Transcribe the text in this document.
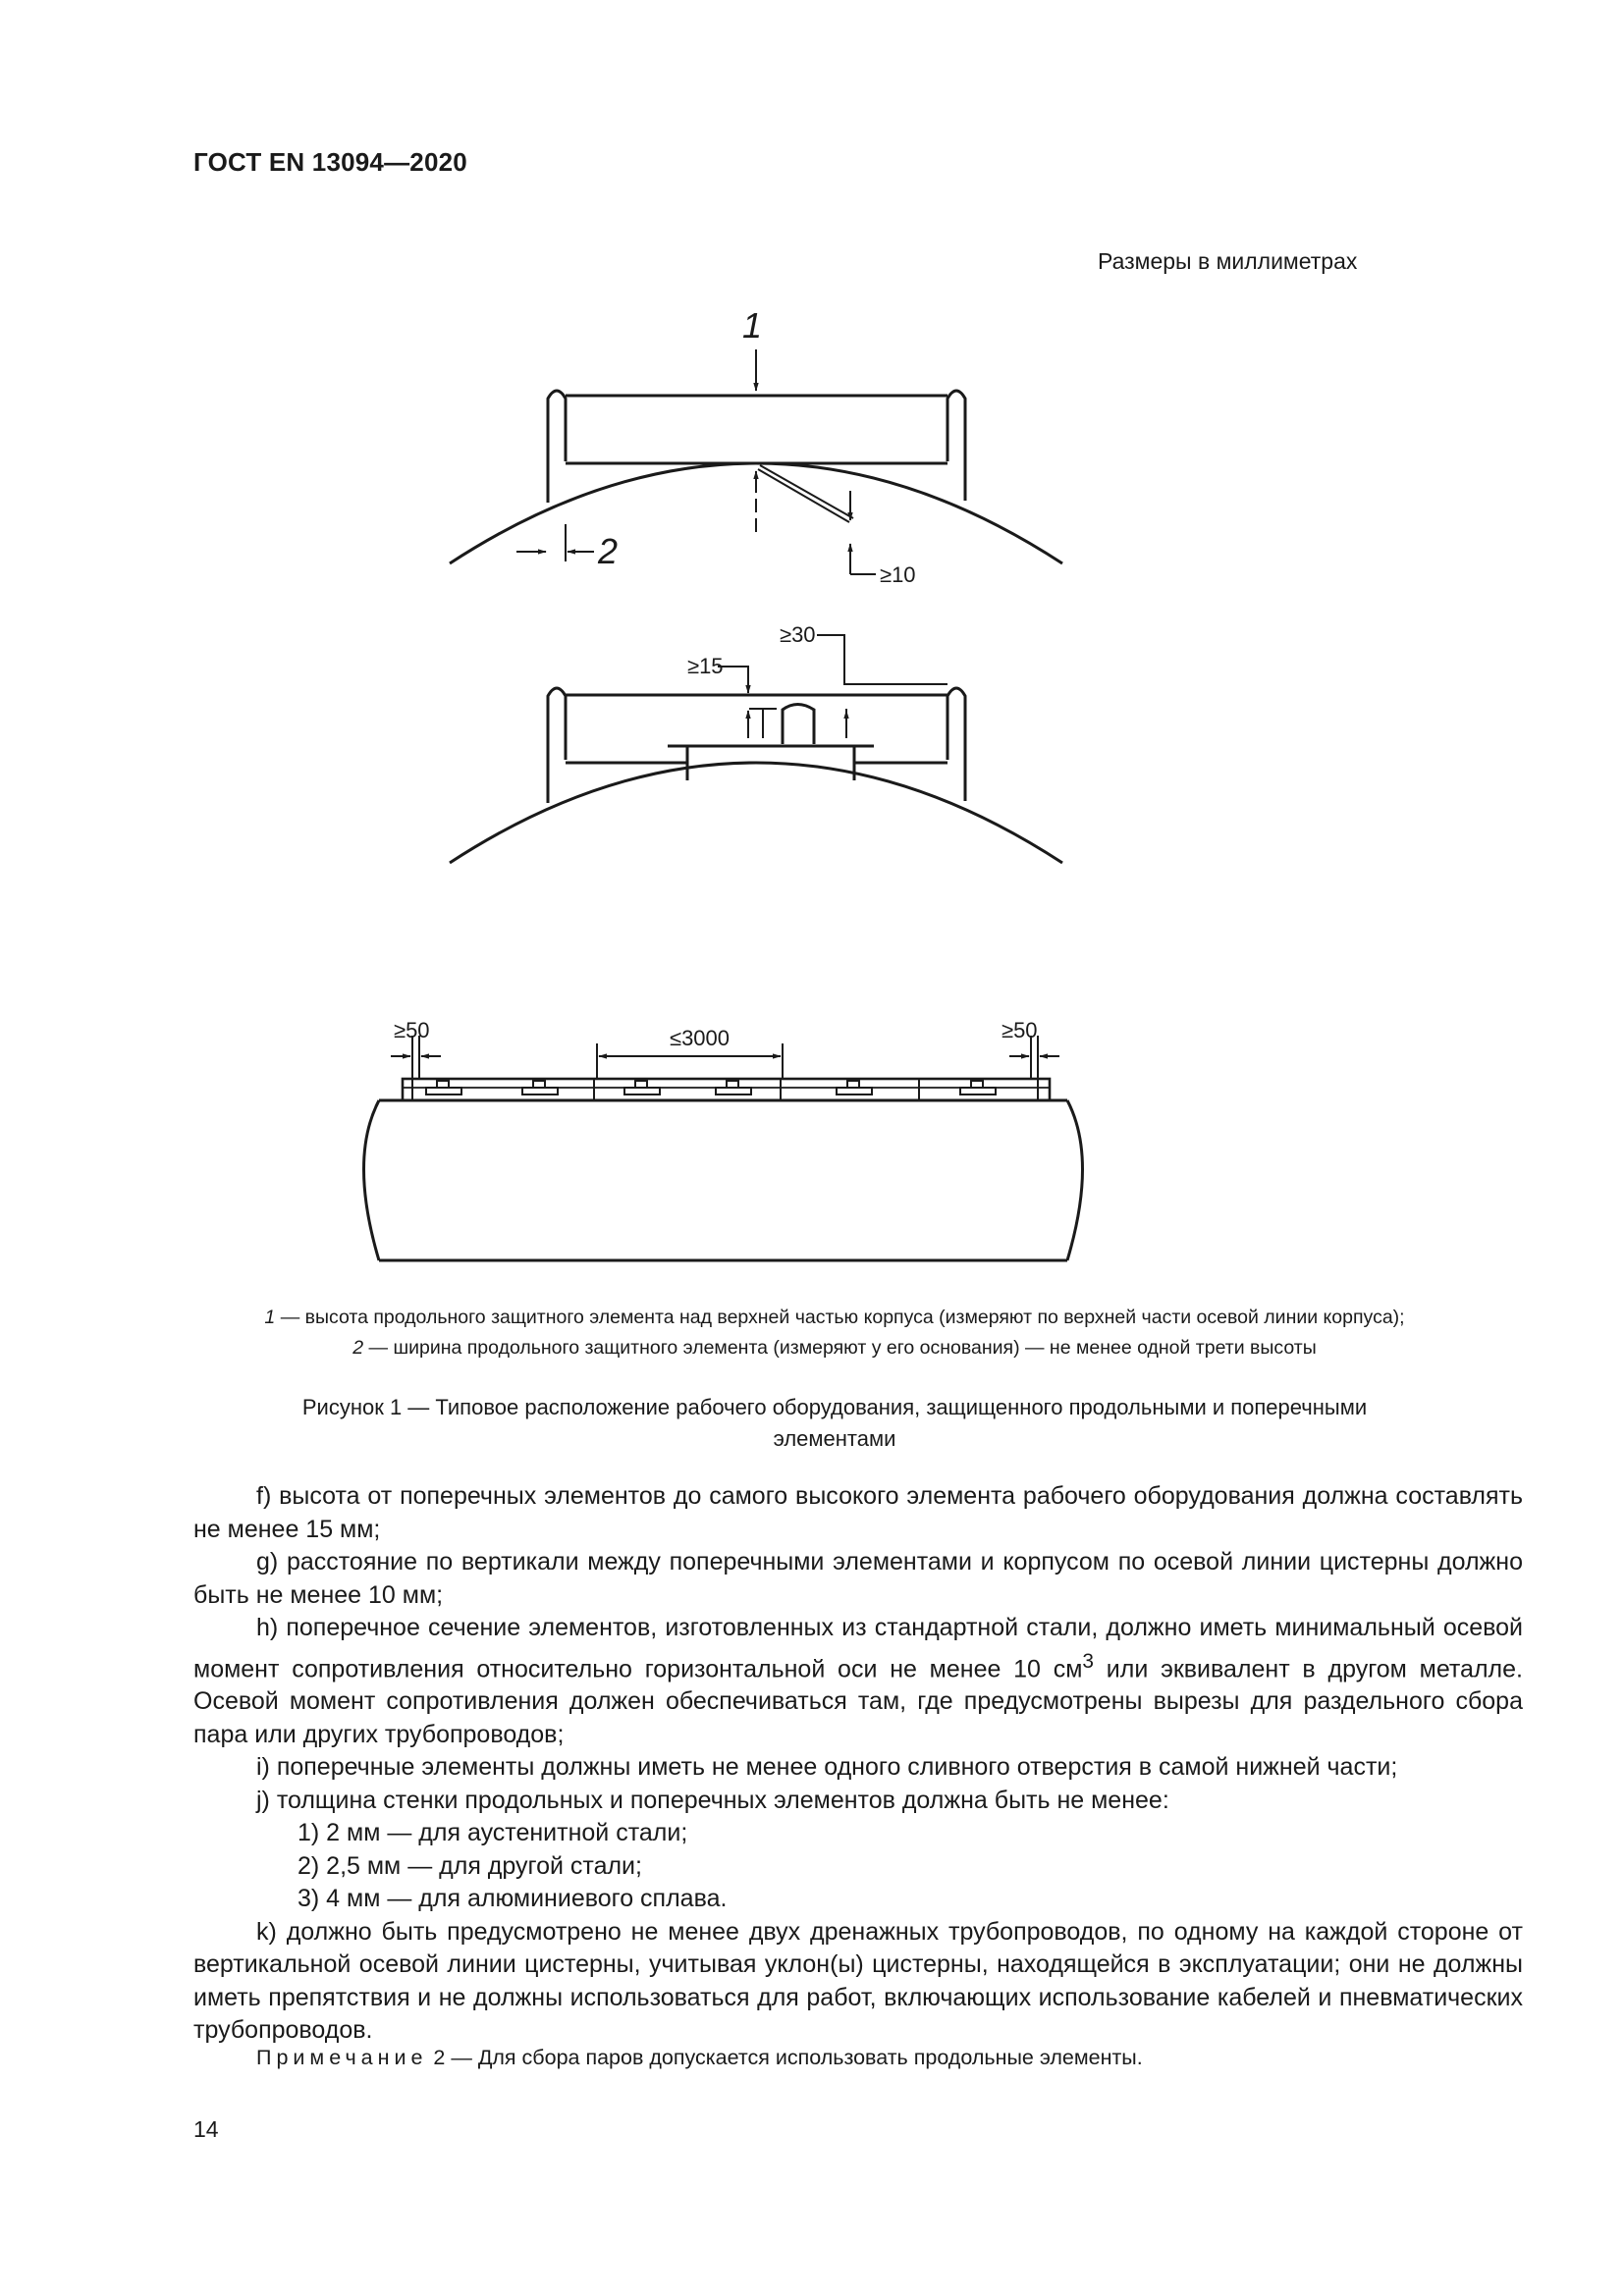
ГОСТ EN 13094—2020
Размеры в миллиметрах
1
2
≥10
≥30
≥15
≥50	≤3000	≥50
1 — высота продольного защитного элемента над верхней частью корпуса (измеряют по верхней части осевой линии корпуса);
2 — ширина продольного защитного элемента (измеряют у его основания) — не менее одной трети высоты
Рисунок 1 — Типовое расположение рабочего оборудования, защищенного продольными и поперечными
элементами

f) высота от поперечных элементов до самого высокого элемента рабочего оборудования должна составлять не менее 15 мм;

g) расстояние по вертикали между поперечными элементами и корпусом по осевой линии цистерны должно быть не менее 10 мм;

h) поперечное сечение элементов, изготовленных из стандартной стали, должно иметь минимальный осевой момент сопротивления относительно горизонтальной оси не менее 10 $см^3$ или эквивалент в другом металле. Осевой момент сопротивления должен обеспечиваться там, где предусмотрены вырезы для раздельного сбора пара или других трубопроводов;

i) поперечные элементы должны иметь не менее одного сливного отверстия в самой нижней части;

j) толщина стенки продольных и поперечных элементов должна быть не менее:

1) 2 мм — для аустенитной стали;

2) 2,5 мм — для другой стали;

3) 4 мм — для алюминиевого сплава.

k) должно быть предусмотрено не менее двух дренажных трубопроводов, по одному на каждой стороне от вертикальной осевой линии цистерны, учитывая уклон(ы) цистерны, находящейся в эксплуатации; они не должны иметь препятствия и не должны использоваться для работ, включающих использование кабелей и пневматических трубопроводов.

Примечание 2 — Для сбора паров допускается использовать продольные элементы.
14
